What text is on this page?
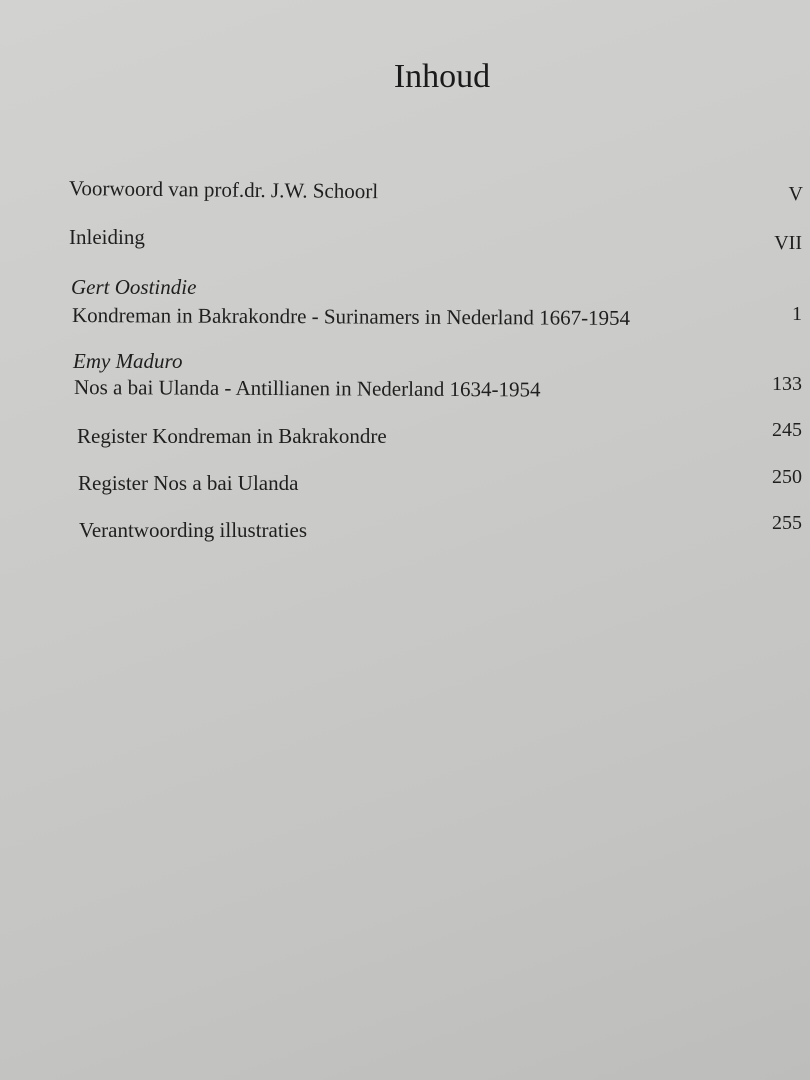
Inhoud
Voorwoord van prof.dr. J.W. Schoorl	V
Inleiding	VII
Gert Oostindie
Kondreman in Bakrakondre - Surinamers in Nederland 1667-1954	1
Emy Maduro
Nos a bai Ulanda - Antillianen in Nederland 1634-1954	133
Register Kondreman in Bakrakondre	245
Register Nos a bai Ulanda	250
Verantwoording illustraties	255
